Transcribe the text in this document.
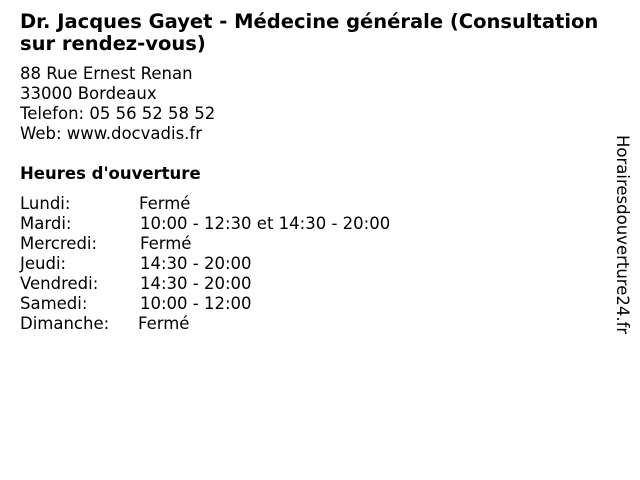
Dr. Jacques Gayet - Médecine générale (Consultation sur rendez-vous)
88 Rue Ernest Renan
33000 Bordeaux
Telefon: 05 56 52 58 52
Web: www.docvadis.fr
Heures d'ouverture
Lundi:	Fermé
Mardi:	10:00 - 12:30 et 14:30 - 20:00
Mercredi:	Fermé
Jeudi:	14:30 - 20:00
Vendredi:	14:30 - 20:00
Samedi:	10:00 - 12:00
Dimanche: Fermé	Horairesdouverture24.fr
